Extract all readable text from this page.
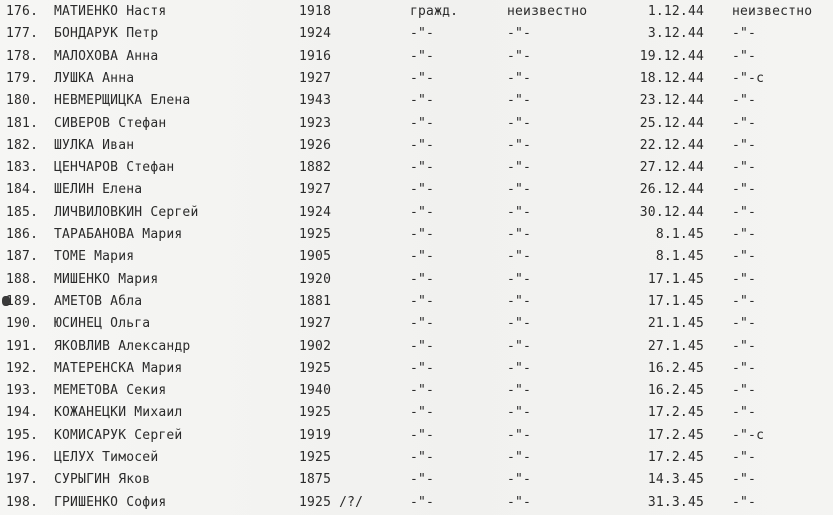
176. МАТИЕНКО Настя	1918	гражд.	неизвестно	1.12.44 неизвестно
177. БОНДАРУК Петр	1924	-"-	-"-	3.12.44 -"-
178. МАЛОХОВА Анна	1916	-"-	-"-	19.12.44 -"-
179. ЛУШКА Анна	1927	-"-	-"-	18.12.44 -"-с
180. НЕВМЕРЩИЦКА Елена	1943	-"-	-"-	23.12.44 -"-
181. СИВЕРОВ Стефан	1923	-"-	-"-	25.12.44 -"-
182. ШУЛКА Иван	1926	-"-	-"-	22.12.44 -"-
183. ЦЕНЧАРОВ Стефан	1882	-"-	-"-	27.12.44 -"-
184. ШЕЛИН Елена	1927	-"-	-"-	26.12.44 -"-
185. ЛИЧВИЛОВКИН Сергей	1924	-"-	-"-	30.12.44 -"-
186. ТАРАБАНОВА Мария	1925	-"-	-"-	8.1.45 -"-
187. ТОМЕ Мария	1905	-"-	-"-	8.1.45 -"-
188. МИШЕНКО Мария	1920	-"-	-"-	17.1.45 -"-
189. АМЕТОВ Абла	1881	-"-	-"-	17.1.45 -"-
190. ЮСИНЕЦ Ольга	1927	-"-	-"-	21.1.45 -"-
191. ЯКОВЛИВ Александр	1902	-"-	-"-	27.1.45 -"-
192. МАТЕРЕНСКА Мария	1925	-"-	-"-	16.2.45 -"-
193. МЕМЕТОВА Секия	1940	-"-	-"-	16.2.45 -"-
194. КОЖАНЕЦКИ Михаил	1925	-"-	-"-	17.2.45 -"-
195. КОМИСАРУК Сергей	1919	-"-	-"-	17.2.45 -"-с
196. ЦЕЛУХ Тимосей	1925	-"-	-"-	17.2.45 -"-
197. СУРЫГИН Яков	1875	-"-	-"-	14.3.45 -"-
198. ГРИШЕНКО София	1925 /?/	-"-	-"-	31.3.45 -"-
